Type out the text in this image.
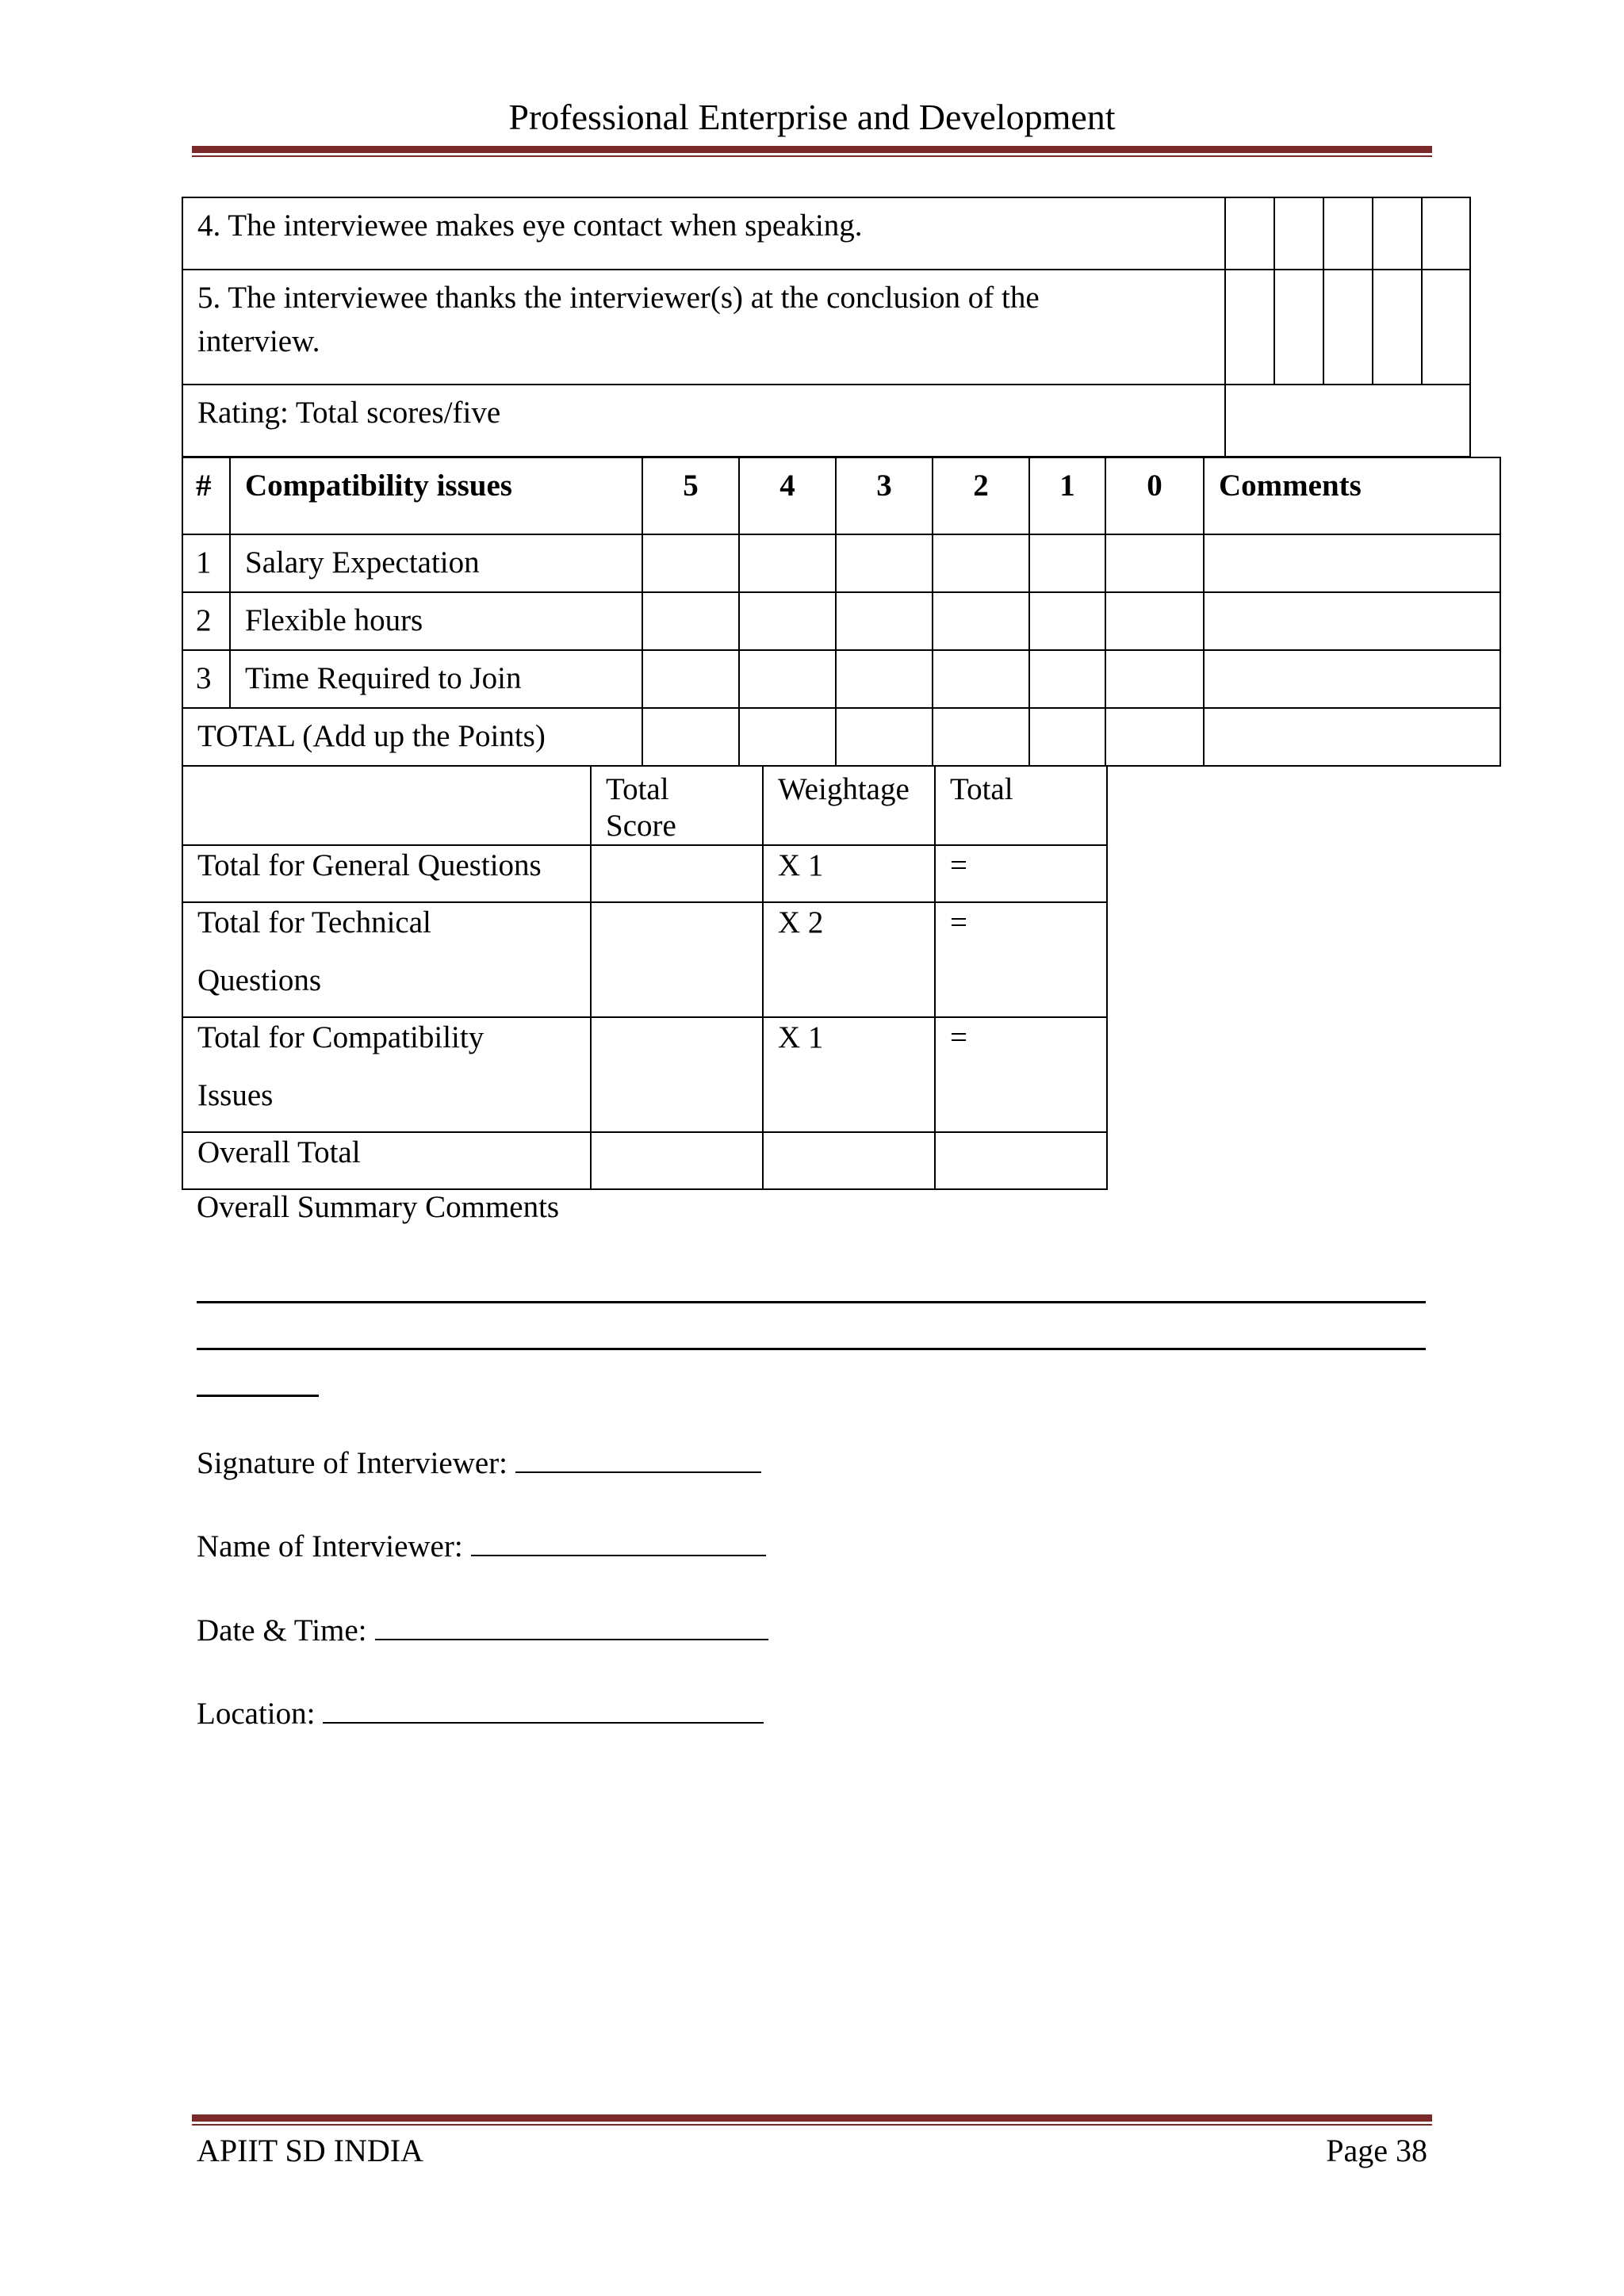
Professional Enterprise and Development
4. The interviewee makes eye contact when speaking.					

5. The interviewee thanks the interviewer(s) at the conclusion of the
interview.					

Rating: Total scores/five					
#	Compatibility issues	5	4	3	2	1	0	Comments
1	Salary Expectation							
2	Flexible hours							
3	Time Required to Join							
TOTAL (Add up the Points)								

	Total Score	Weightage	Total
Total for General Questions		X 1	=

Total for Technical
Questions		X 2	=

Total for Compatibility
Issues		X 1	=
Overall Total			
Overall Summary Comments
Signature of Interviewer:
Name of Interviewer:
Date & Time:
Location:
APIIT SD INDIA	Page 38
